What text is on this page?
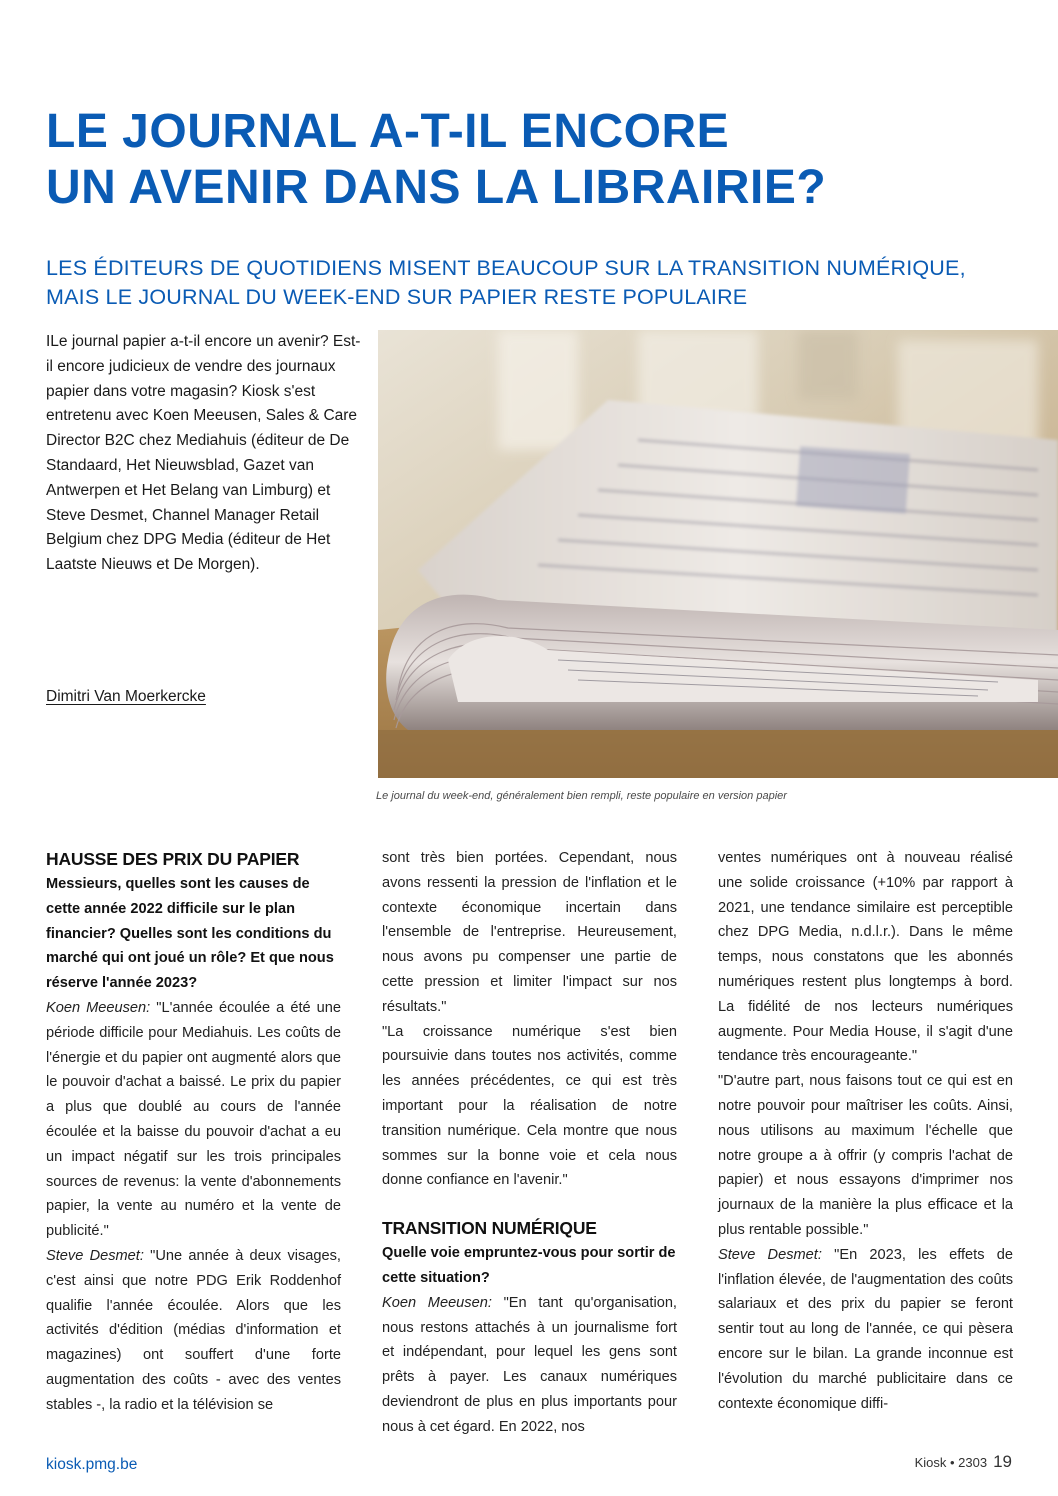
LE JOURNAL A-T-IL ENCORE
UN AVENIR DANS LA LIBRAIRIE?
LES ÉDITEURS DE QUOTIDIENS MISENT BEAUCOUP SUR LA TRANSITION NUMÉRIQUE,
MAIS LE JOURNAL DU WEEK-END SUR PAPIER RESTE POPULAIRE

ILe journal papier a-t-il encore un avenir? Est-il encore judicieux de vendre des journaux papier dans votre magasin? Kiosk s'est entretenu avec Koen Meeusen, Sales & Care Director B2C chez Mediahuis (éditeur de De Standaard, Het Nieuwsblad, Gazet van Antwerpen et Het Belang van Limburg) et Steve Desmet, Channel Manager Retail Belgium chez DPG Media (éditeur de Het Laatste Nieuws et De Morgen).

Dimitri Van Moerkercke

Le journal du week-end, généralement bien rempli, reste populaire en version papier

HAUSSE DES PRIX DU PAPIER
Messieurs, quelles sont les causes de cette année 2022 difficile sur le plan financier? Quelles sont les conditions du marché qui ont joué un rôle? Et que nous réserve l'année 2023?

Koen Meeusen: "L'année écoulée a été une période difficile pour Mediahuis. Les coûts de l'énergie et du papier ont augmenté alors que le pouvoir d'achat a baissé. Le prix du papier a plus que doublé au cours de l'année écoulée et la baisse du pouvoir d'achat a eu un impact négatif sur les trois principales sources de revenus: la vente d'abonnements papier, la vente au numéro et la vente de publicité."

Steve Desmet: "Une année à deux visages, c'est ainsi que notre PDG Erik Roddenhof qualifie l'année écoulée. Alors que les activités d'édition (médias d'information et magazines) ont souffert d'une forte augmentation des coûts - avec des ventes stables -, la radio et la télévision se

sont très bien portées. Cependant, nous avons ressenti la pression de l'inflation et le contexte économique incertain dans l'ensemble de l'entreprise. Heureusement, nous avons pu compenser une partie de cette pression et limiter l'impact sur nos résultats."

"La croissance numérique s'est bien poursuivie dans toutes nos activités, comme les années précédentes, ce qui est très important pour la réalisation de notre transition numérique. Cela montre que nous sommes sur la bonne voie et cela nous donne confiance en l'avenir."

TRANSITION NUMÉRIQUE
Quelle voie empruntez-vous pour sortir de cette situation?

Koen Meeusen: "En tant qu'organisation, nous restons attachés à un journalisme fort et indépendant, pour lequel les gens sont prêts à payer. Les canaux numériques deviendront de plus en plus importants pour nous à cet égard. En 2022, nos

ventes numériques ont à nouveau réalisé une solide croissance (+10% par rapport à 2021, une tendance similaire est perceptible chez DPG Media, n.d.l.r.). Dans le même temps, nous constatons que les abonnés numériques restent plus longtemps à bord. La fidélité de nos lecteurs numériques augmente. Pour Media House, il s'agit d'une tendance très encourageante."

"D'autre part, nous faisons tout ce qui est en notre pouvoir pour maîtriser les coûts. Ainsi, nous utilisons au maximum l'échelle que notre groupe a à offrir (y compris l'achat de papier) et nous essayons d'imprimer nos journaux de la manière la plus efficace et la plus rentable possible."

Steve Desmet: "En 2023, les effets de l'inflation élevée, de l'augmentation des coûts salariaux et des prix du papier se feront sentir tout au long de l'année, ce qui pèsera encore sur le bilan. La grande inconnue est l'évolution du marché publicitaire dans ce contexte économique diffi-

kiosk.pmg.be	Kiosk • 2303 19
